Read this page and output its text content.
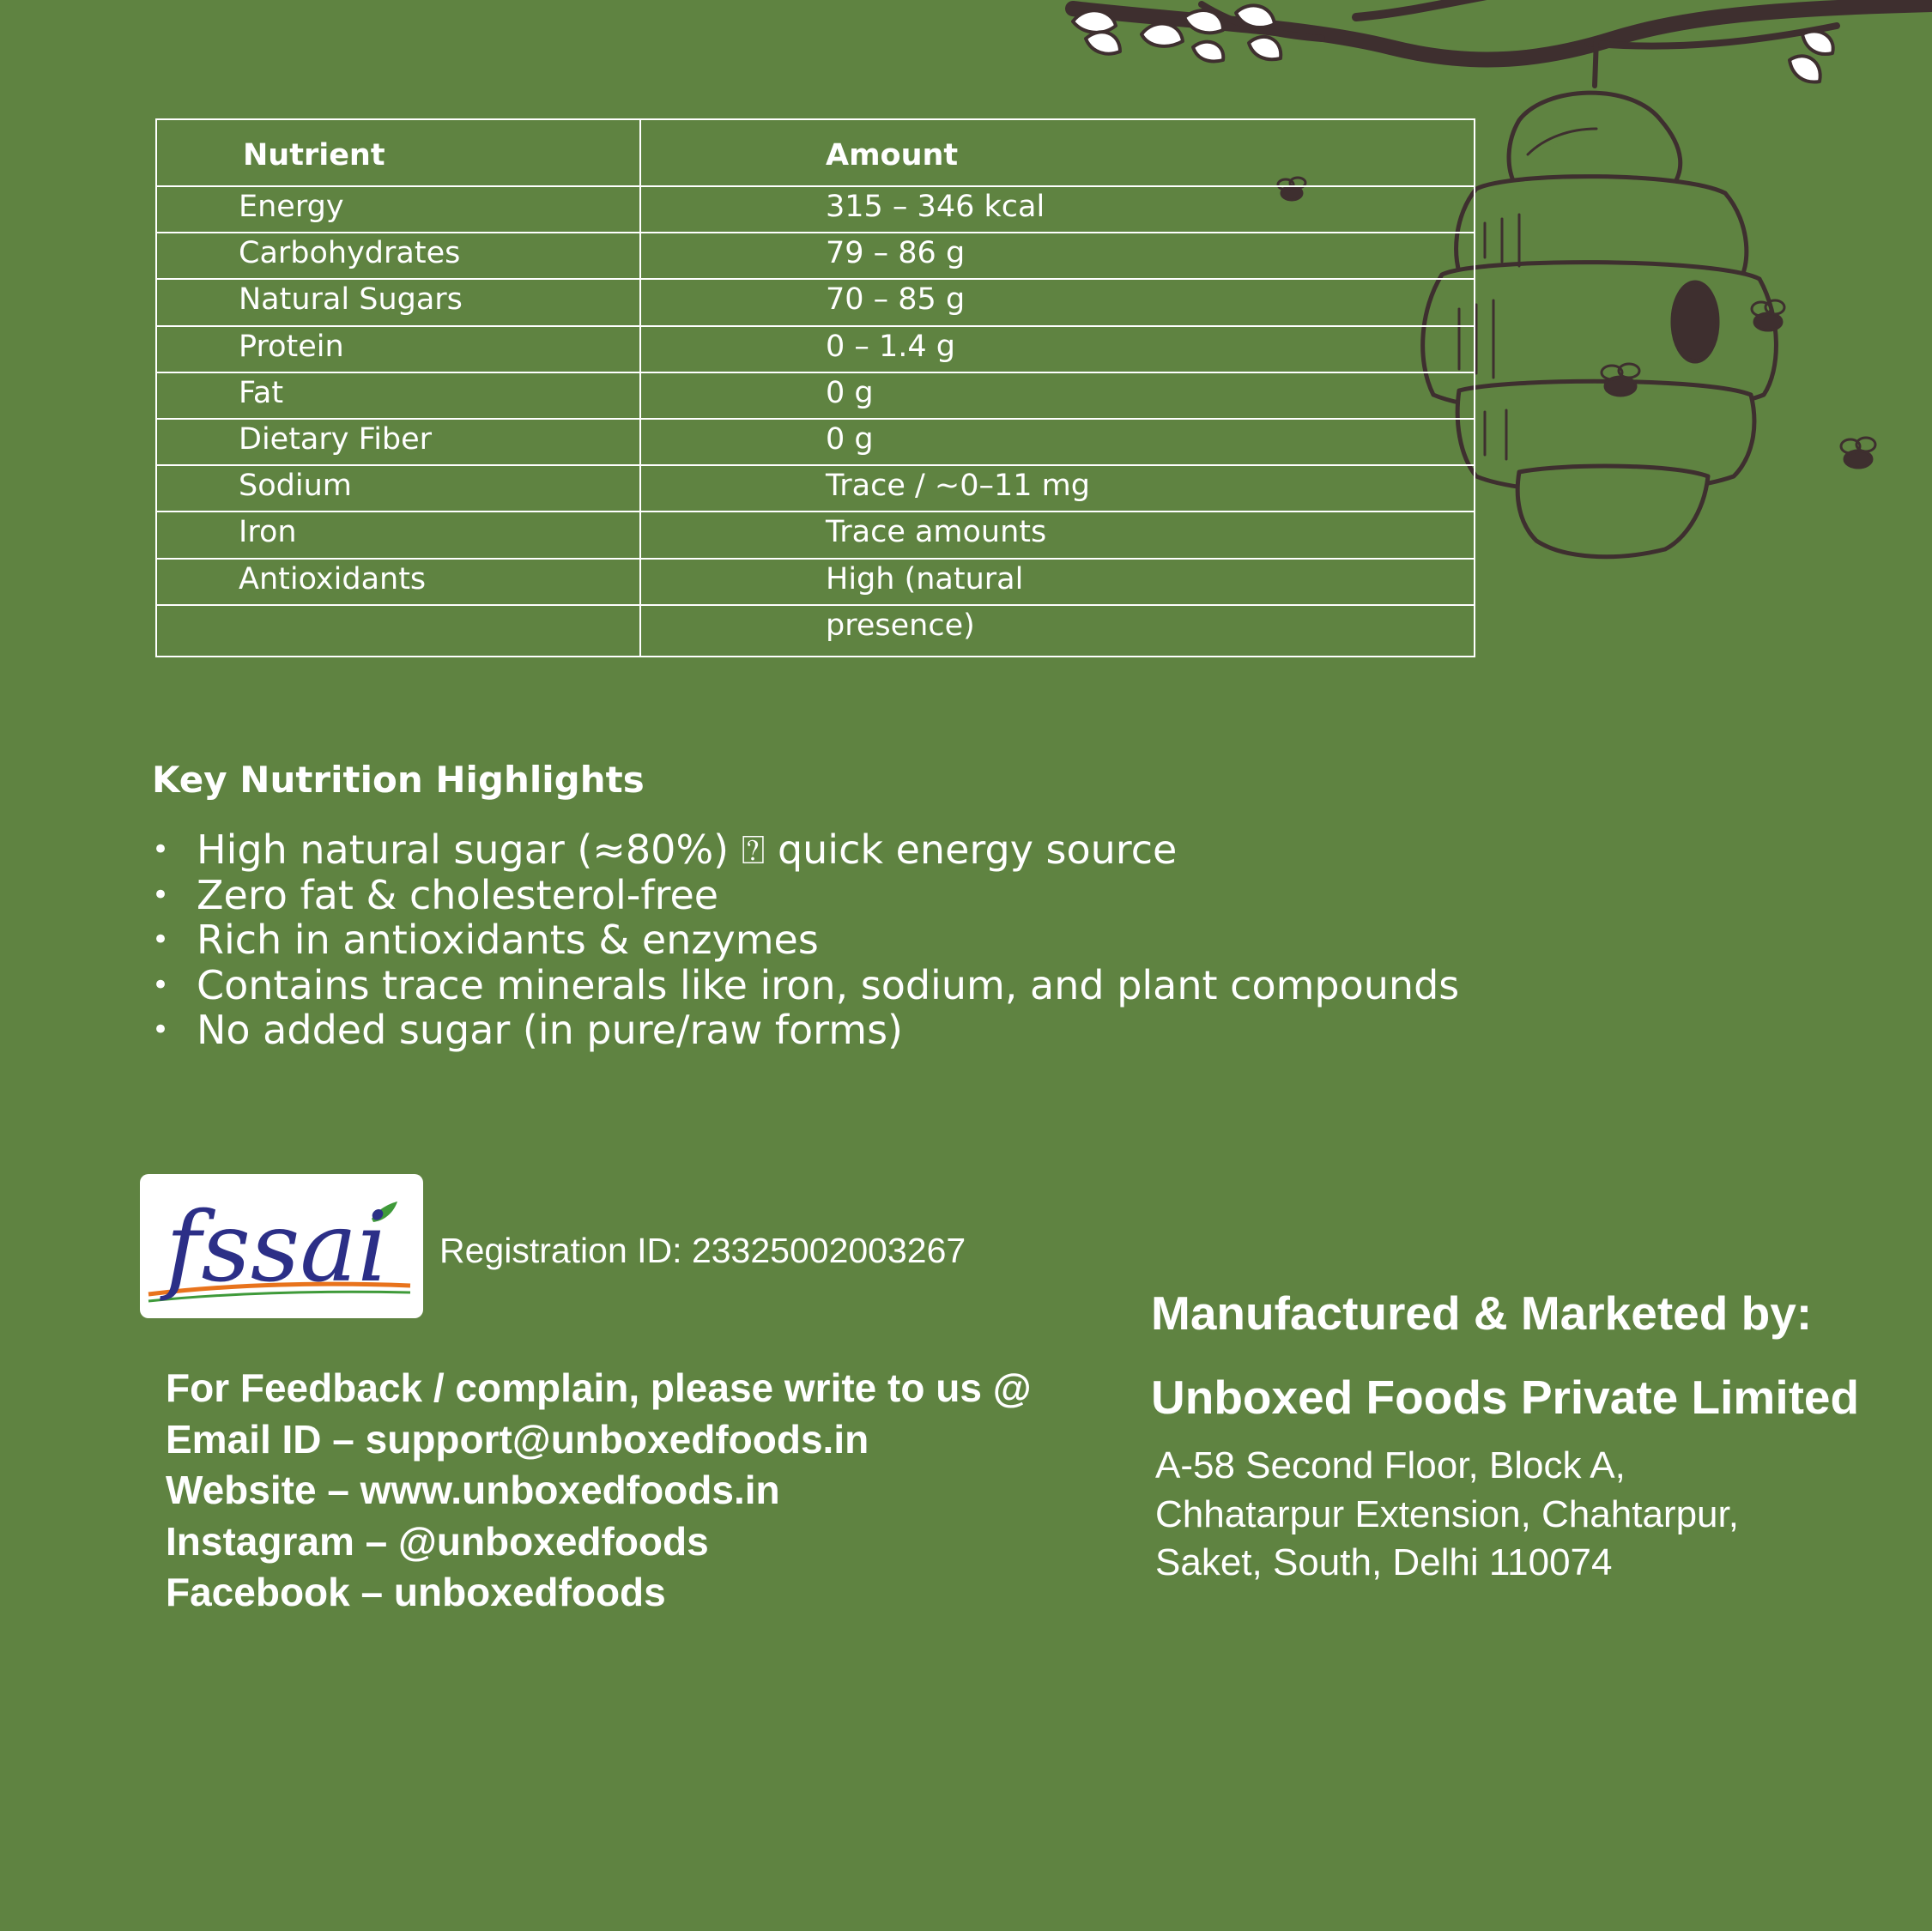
Nutrient	Amount
Energy	315 – 346 kcal
Carbohydrates	79 – 86 g
Natural Sugars	70 – 85 g
Protein	0 – 1.4 g
Fat	0 g
Dietary Fiber	0 g
Sodium	Trace / ~0–11 mg
Iron	Trace amounts
Antioxidants	High (natural
	presence)
Key Nutrition Highlights
• High natural sugar (≈80%) ⍰ quick energy source
• Zero fat & cholesterol-free
• Rich in antioxidants & enzymes
• Contains trace minerals like iron, sodium, and plant compounds
• No added sugar (in pure/raw forms)
fssai Registration ID: 23325002003267
For Feedback / complain, please write to us @
Email ID – support@unboxedfoods.in
Website – www.unboxedfoods.in
Instagram – @unboxedfoods
Facebook – unboxedfoods
Manufactured & Marketed by:
Unboxed Foods Private Limited
A-58 Second Floor, Block A,
Chhatarpur Extension, Chahtarpur,
Saket, South, Delhi 110074
